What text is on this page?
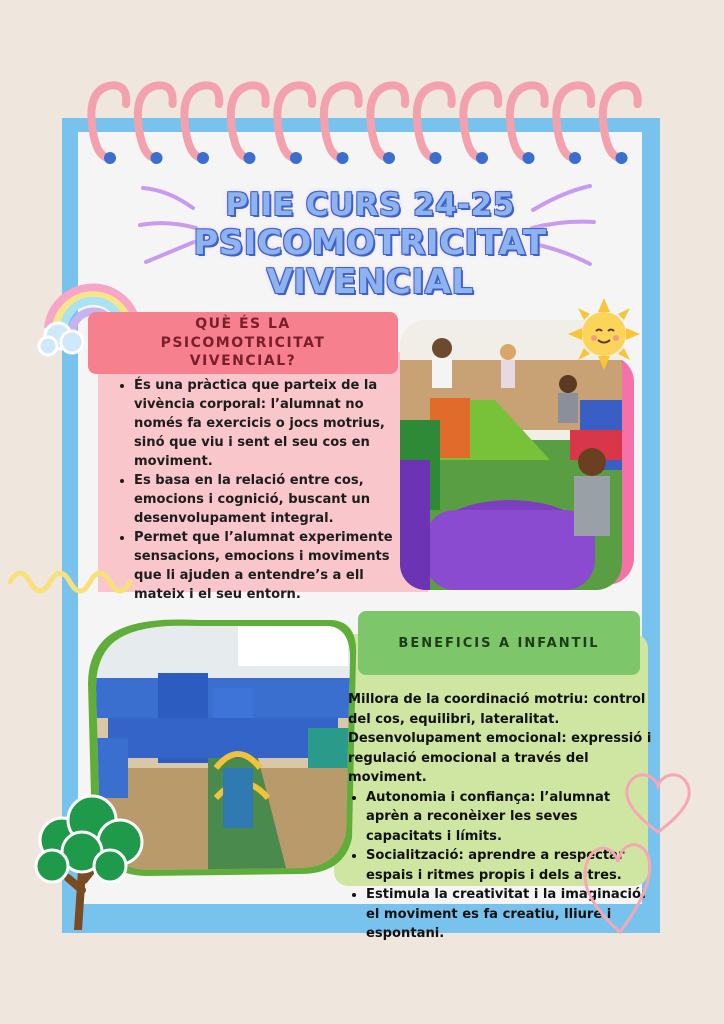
PIIE CURS 24-25
PSICOMOTRICITAT
VIVENCIAL
QUÈ ÉS LA PSICOMOTRICITAT VIVENCIAL?
• És una pràctica que parteix de la vivència corporal: l’alumnat no només fa exercicis o jocs motrius, sinó que viu i sent el seu cos en moviment.
• Es basa en la relació entre cos, emocions i cognició, buscant un desenvolupament integral.
• Permet que l’alumnat experimente sensacions, emocions i moviments que li ajuden a entendre’s a ell mateix i el seu entorn.
BENEFICIS A INFANTIL
Millora de la coordinació motriu: control del cos, equilibri, lateralitat.
Desenvolupament emocional: expressió i regulació emocional a través del moviment.
• Autonomia i confiança: l’alumnat aprèn a reconèixer les seves capacitats i límits.
• Socialització: aprendre a respectar espais i ritmes propis i dels altres.
• Estimula la creativitat i la imaginació: el moviment es fa creatiu, lliure i espontani.
